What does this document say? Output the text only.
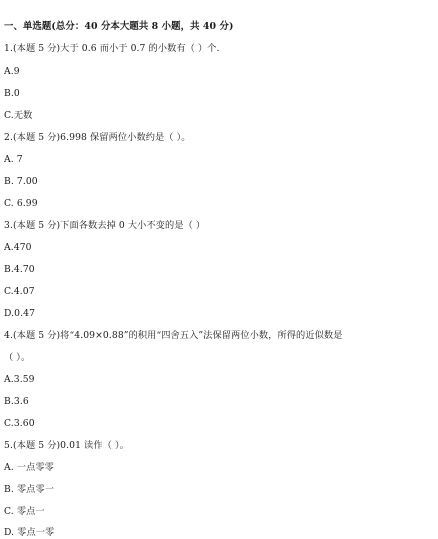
一、单选题(总分：40 分本大题共 8 小题，共 40 分)
1.(本题 5 分)大于 0.6 而小于 0.7 的小数有（ ）个.
A.9
B.0
C.无数
2.(本题 5 分)6.998 保留两位小数约是（ ）。
A. 7
B. 7.00
C. 6.99
3.(本题 5 分)下面各数去掉 0 大小不变的是（ ）
A.470
B.4.70
C.4.07
D.0.47
4.(本题 5 分)将“4.09×0.88”的积用“四舍五入”法保留两位小数，所得的近似数是
（ ）。
A.3.59
B.3.6
C.3.60
5.(本题 5 分)0.01 读作（ ）。
A. 一点零零
B. 零点零一
C. 零点一
D. 零点一零
